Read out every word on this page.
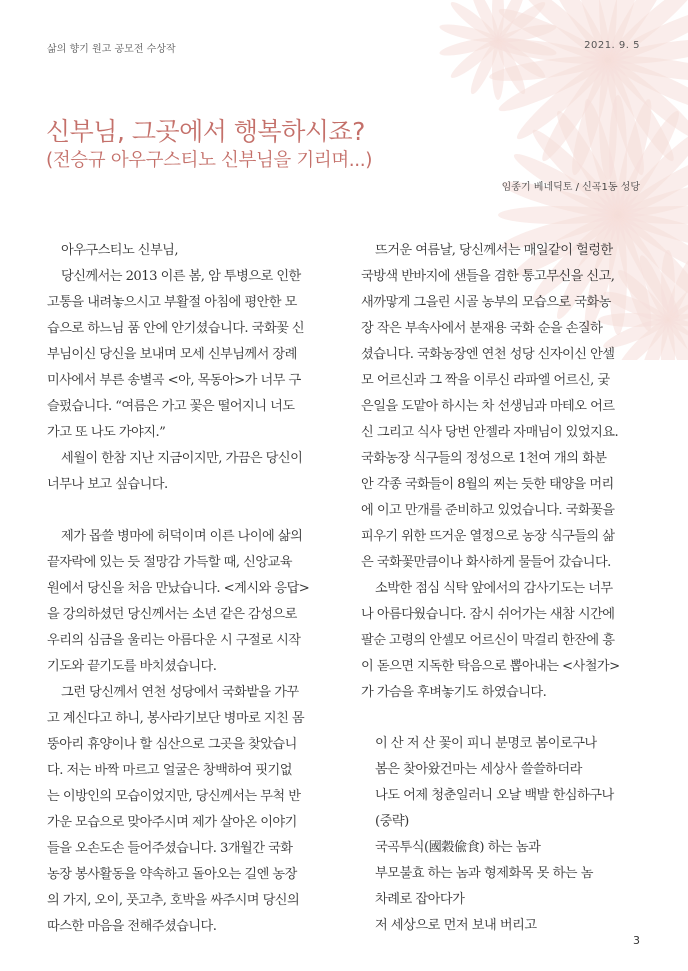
삶의 향기 원고 공모전 수상작	2021. 9. 5
신부님, 그곳에서 행복하시죠?
(전승규 아우구스티노 신부님을 기리며...)
임종기 베네딕토 / 신곡1동 성당
아우구스티노 신부님,
당신께서는 2013 이른 봄, 암 투병으로 인한
고통을 내려놓으시고 부활절 아침에 평안한 모
습으로 하느님 품 안에 안기셨습니다. 국화꽃 신
부님이신 당신을 보내며 모세 신부님께서 장례
미사에서 부른 송별곡 <아, 목동아>가 너무 구
슬펐습니다. “여름은 가고 꽃은 떨어지니 너도
가고 또 나도 가야지.”
세월이 한참 지난 지금이지만, 가끔은 당신이
너무나 보고 싶습니다.
제가 몹쓸 병마에 허덕이며 이른 나이에 삶의
끝자락에 있는 듯 절망감 가득할 때, 신앙교육
원에서 당신을 처음 만났습니다. <계시와 응답>
을 강의하셨던 당신께서는 소년 같은 감성으로
우리의 심금을 울리는 아름다운 시 구절로 시작
기도와 끝기도를 바치셨습니다.
그런 당신께서 연천 성당에서 국화밭을 가꾸
고 계신다고 하니, 봉사라기보단 병마로 지친 몸
뚱아리 휴양이나 할 심산으로 그곳을 찾았습니
다. 저는 바짝 마르고 얼굴은 창백하여 핏기없
는 이방인의 모습이었지만, 당신께서는 무척 반
가운 모습으로 맞아주시며 제가 살아온 이야기
들을 오손도손 들어주셨습니다. 3개월간 국화
농장 봉사활동을 약속하고 돌아오는 길엔 농장
의 가지, 오이, 풋고추, 호박을 싸주시며 당신의
따스한 마음을 전해주셨습니다.
뜨거운 여름날, 당신께서는 매일같이 헐렁한
국방색 반바지에 샌들을 겸한 통고무신을 신고,
새까맣게 그을린 시골 농부의 모습으로 국화농
장 작은 부속사에서 분재용 국화 순을 손질하
셨습니다. 국화농장엔 연천 성당 신자이신 안셀
모 어르신과 그 짝을 이루신 라파엘 어르신, 궂
은일을 도맡아 하시는 차 선생님과 마테오 어르
신 그리고 식사 당번 안젤라 자매님이 있었지요.
국화농장 식구들의 정성으로 1천여 개의 화분
안 각종 국화들이 8월의 찌는 듯한 태양을 머리
에 이고 만개를 준비하고 있었습니다. 국화꽃을
피우기 위한 뜨거운 열정으로 농장 식구들의 삶
은 국화꽃만큼이나 화사하게 물들어 갔습니다.
소박한 점심 식탁 앞에서의 감사기도는 너무
나 아름다웠습니다. 잠시 쉬어가는 새참 시간에
팔순 고령의 안셀모 어르신이 막걸리 한잔에 흥
이 돋으면 지독한 탁음으로 뽑아내는 <사철가>
가 가슴을 후벼놓기도 하였습니다.
이 산 저 산 꽃이 피니 분명코 봄이로구나
봄은 찾아왔건마는 세상사 쓸쓸하더라
나도 어제 청춘일러니 오날 백발 한심하구나
(중략)
국곡투식(國穀偸食) 하는 놈과
부모불효 하는 놈과 형제화목 못 하는 놈
차례로 잡아다가
저 세상으로 먼저 보내 버리고
3
